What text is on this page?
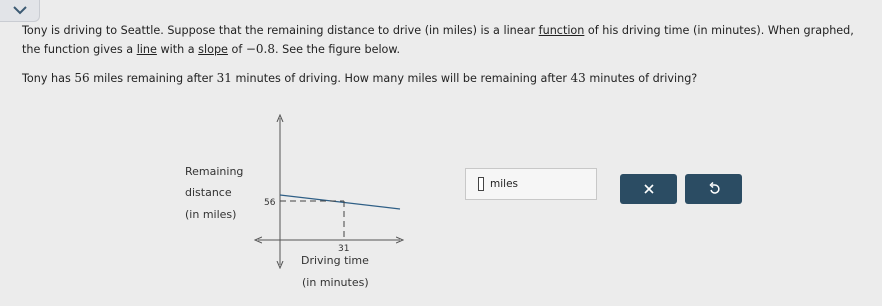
Tony is driving to Seattle. Suppose that the remaining distance to drive (in miles) is a linear function of his driving time (in minutes). When graphed, the function gives a line with a slope of −0.8. See the figure below.

Tony has 56 miles remaining after 31 minutes of driving. How many miles will be remaining after 43 minutes of driving?

Remaining
distance
(in miles)
56
31
Driving time
(in minutes)
miles
